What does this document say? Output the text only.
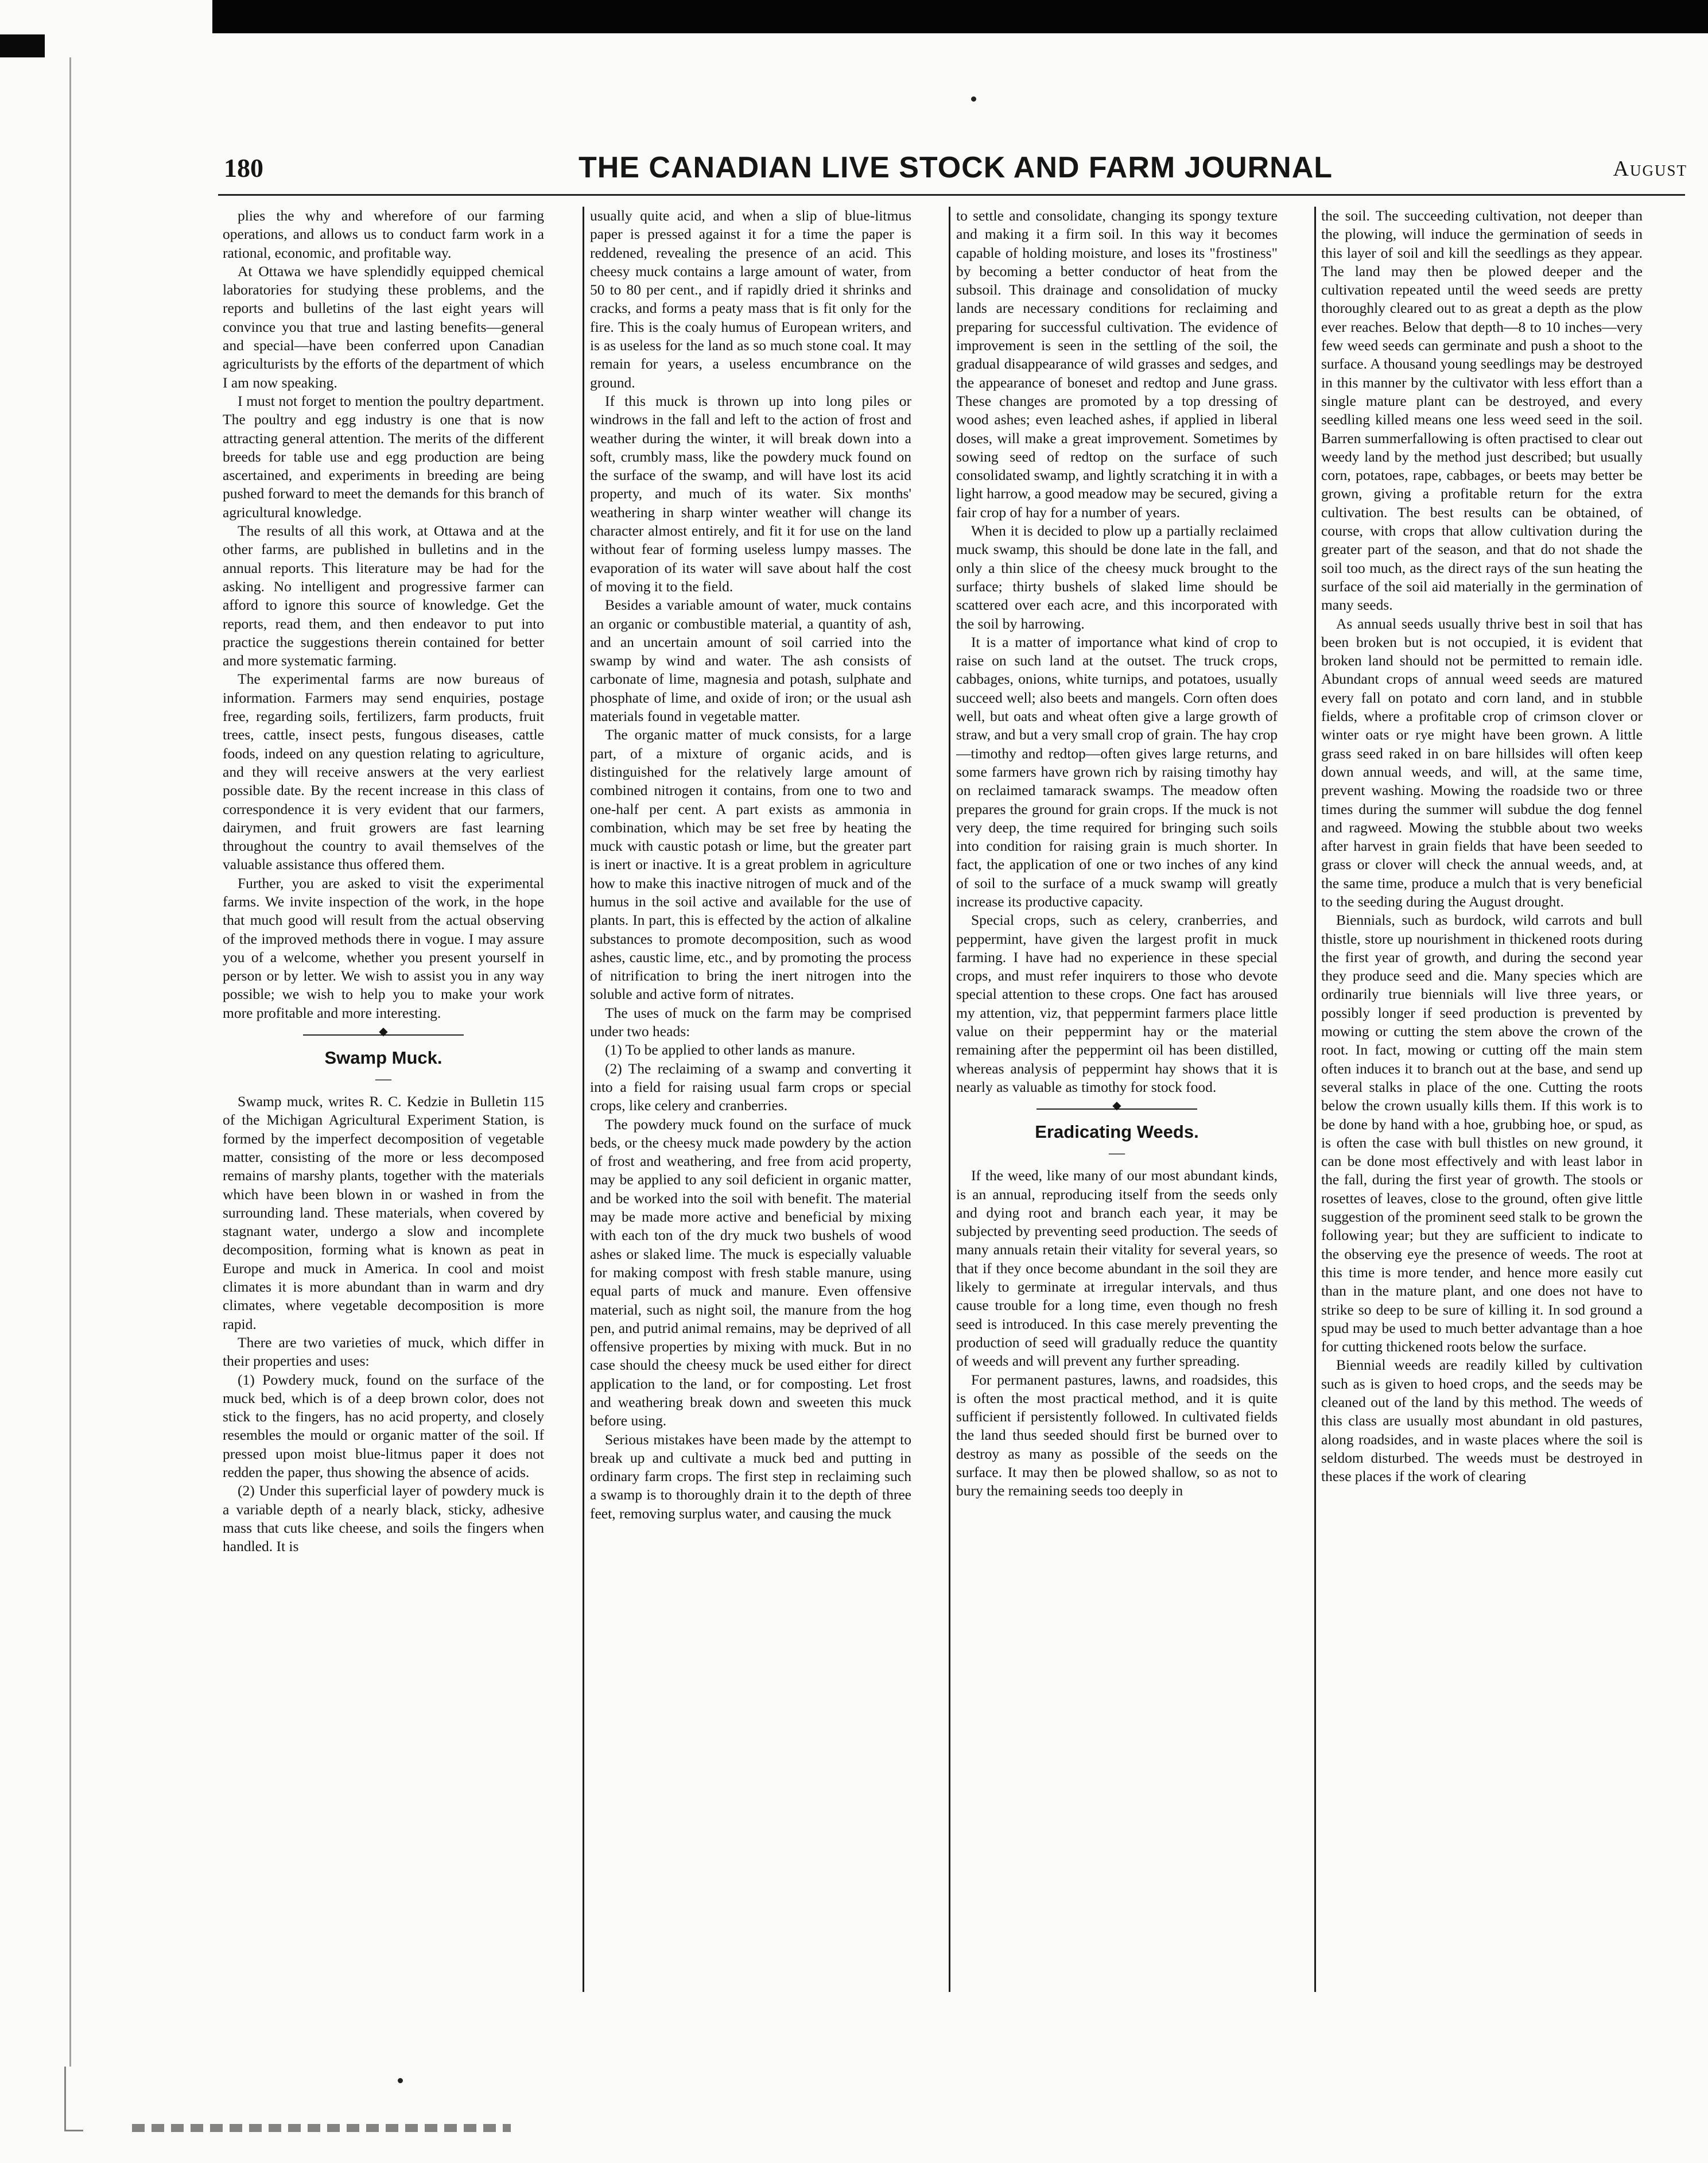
180	THE CANADIAN LIVE STOCK AND FARM JOURNAL	August

plies the why and wherefore of our farming operations, and allows us to conduct farm work in a rational, economic, and profitable way.

At Ottawa we have splendidly equipped chemical laboratories for studying these problems, and the reports and bulletins of the last eight years will convince you that true and lasting benefits—general and special—have been conferred upon Canadian agriculturists by the efforts of the department of which I am now speaking.

I must not forget to mention the poultry department. The poultry and egg industry is one that is now attracting general attention. The merits of the different breeds for table use and egg production are being ascertained, and experiments in breeding are being pushed forward to meet the demands for this branch of agricultural knowledge.

The results of all this work, at Ottawa and at the other farms, are published in bulletins and in the annual reports. This literature may be had for the asking. No intelligent and progressive farmer can afford to ignore this source of knowledge. Get the reports, read them, and then endeavor to put into practice the suggestions therein contained for better and more systematic farming.

The experimental farms are now bureaus of information. Farmers may send enquiries, postage free, regarding soils, fertilizers, farm products, fruit trees, cattle, insect pests, fungous diseases, cattle foods, indeed on any question relating to agriculture, and they will receive answers at the very earliest possible date. By the recent increase in this class of correspondence it is very evident that our farmers, dairymen, and fruit growers are fast learning throughout the country to avail themselves of the valuable assistance thus offered them.

Further, you are asked to visit the experimental farms. We invite inspection of the work, in the hope that much good will result from the actual observing of the improved methods there in vogue. I may assure you of a welcome, whether you present yourself in person or by letter. We wish to assist you in any way possible; we wish to help you to make your work more profitable and more interesting.

◆
Swamp Muck.
—

Swamp muck, writes R. C. Kedzie in Bulletin 115 of the Michigan Agricultural Experiment Station, is formed by the imperfect decomposition of vegetable matter, consisting of the more or less decomposed remains of marshy plants, together with the materials which have been blown in or washed in from the surrounding land. These materials, when covered by stagnant water, undergo a slow and incomplete decomposition, forming what is known as peat in Europe and muck in America. In cool and moist climates it is more abundant than in warm and dry climates, where vegetable decomposition is more rapid.

There are two varieties of muck, which differ in their properties and uses:

(1) Powdery muck, found on the surface of the muck bed, which is of a deep brown color, does not stick to the fingers, has no acid property, and closely resembles the mould or organic matter of the soil. If pressed upon moist blue-litmus paper it does not redden the paper, thus showing the absence of acids.

(2) Under this superficial layer of powdery muck is a variable depth of a nearly black, sticky, adhesive mass that cuts like cheese, and soils the fingers when handled. It is

usually quite acid, and when a slip of blue-litmus paper is pressed against it for a time the paper is reddened, revealing the presence of an acid. This cheesy muck contains a large amount of water, from 50 to 80 per cent., and if rapidly dried it shrinks and cracks, and forms a peaty mass that is fit only for the fire. This is the coaly humus of European writers, and is as useless for the land as so much stone coal. It may remain for years, a useless encumbrance on the ground.

If this muck is thrown up into long piles or windrows in the fall and left to the action of frost and weather during the winter, it will break down into a soft, crumbly mass, like the powdery muck found on the surface of the swamp, and will have lost its acid property, and much of its water. Six months' weathering in sharp winter weather will change its character almost entirely, and fit it for use on the land without fear of forming useless lumpy masses. The evaporation of its water will save about half the cost of moving it to the field.

Besides a variable amount of water, muck contains an organic or combustible material, a quantity of ash, and an uncertain amount of soil carried into the swamp by wind and water. The ash consists of carbonate of lime, magnesia and potash, sulphate and phosphate of lime, and oxide of iron; or the usual ash materials found in vegetable matter.

The organic matter of muck consists, for a large part, of a mixture of organic acids, and is distinguished for the relatively large amount of combined nitrogen it contains, from one to two and one-half per cent. A part exists as ammonia in combination, which may be set free by heating the muck with caustic potash or lime, but the greater part is inert or inactive. It is a great problem in agriculture how to make this inactive nitrogen of muck and of the humus in the soil active and available for the use of plants. In part, this is effected by the action of alkaline substances to promote decomposition, such as wood ashes, caustic lime, etc., and by promoting the process of nitrification to bring the inert nitrogen into the soluble and active form of nitrates.

The uses of muck on the farm may be comprised under two heads:

(1) To be applied to other lands as manure.

(2) The reclaiming of a swamp and converting it into a field for raising usual farm crops or special crops, like celery and cranberries.

The powdery muck found on the surface of muck beds, or the cheesy muck made powdery by the action of frost and weathering, and free from acid property, may be applied to any soil deficient in organic matter, and be worked into the soil with benefit. The material may be made more active and beneficial by mixing with each ton of the dry muck two bushels of wood ashes or slaked lime. The muck is especially valuable for making compost with fresh stable manure, using equal parts of muck and manure. Even offensive material, such as night soil, the manure from the hog pen, and putrid animal remains, may be deprived of all offensive properties by mixing with muck. But in no case should the cheesy muck be used either for direct application to the land, or for composting. Let frost and weathering break down and sweeten this muck before using.

Serious mistakes have been made by the attempt to break up and cultivate a muck bed and putting in ordinary farm crops. The first step in reclaiming such a swamp is to thoroughly drain it to the depth of three feet, removing surplus water, and causing the muck

to settle and consolidate, changing its spongy texture and making it a firm soil. In this way it becomes capable of holding moisture, and loses its "frostiness" by becoming a better conductor of heat from the subsoil. This drainage and consolidation of mucky lands are necessary conditions for reclaiming and preparing for successful cultivation. The evidence of improvement is seen in the settling of the soil, the gradual disappearance of wild grasses and sedges, and the appearance of boneset and redtop and June grass. These changes are promoted by a top dressing of wood ashes; even leached ashes, if applied in liberal doses, will make a great improvement. Sometimes by sowing seed of redtop on the surface of such consolidated swamp, and lightly scratching it in with a light harrow, a good meadow may be secured, giving a fair crop of hay for a number of years.

When it is decided to plow up a partially reclaimed muck swamp, this should be done late in the fall, and only a thin slice of the cheesy muck brought to the surface; thirty bushels of slaked lime should be scattered over each acre, and this incorporated with the soil by harrowing.

It is a matter of importance what kind of crop to raise on such land at the outset. The truck crops, cabbages, onions, white turnips, and potatoes, usually succeed well; also beets and mangels. Corn often does well, but oats and wheat often give a large growth of straw, and but a very small crop of grain. The hay crop—timothy and redtop—often gives large returns, and some farmers have grown rich by raising timothy hay on reclaimed tamarack swamps. The meadow often prepares the ground for grain crops. If the muck is not very deep, the time required for bringing such soils into condition for raising grain is much shorter. In fact, the application of one or two inches of any kind of soil to the surface of a muck swamp will greatly increase its productive capacity.

Special crops, such as celery, cranberries, and peppermint, have given the largest profit in muck farming. I have had no experience in these special crops, and must refer inquirers to those who devote special attention to these crops. One fact has aroused my attention, viz, that peppermint farmers place little value on their peppermint hay or the material remaining after the peppermint oil has been distilled, whereas analysis of peppermint hay shows that it is nearly as valuable as timothy for stock food.

◆
Eradicating Weeds.
—

If the weed, like many of our most abundant kinds, is an annual, reproducing itself from the seeds only and dying root and branch each year, it may be subjected by preventing seed production. The seeds of many annuals retain their vitality for several years, so that if they once become abundant in the soil they are likely to germinate at irregular intervals, and thus cause trouble for a long time, even though no fresh seed is introduced. In this case merely preventing the production of seed will gradually reduce the quantity of weeds and will prevent any further spreading.

For permanent pastures, lawns, and roadsides, this is often the most practical method, and it is quite sufficient if persistently followed. In cultivated fields the land thus seeded should first be burned over to destroy as many as possible of the seeds on the surface. It may then be plowed shallow, so as not to bury the remaining seeds too deeply in

the soil. The succeeding cultivation, not deeper than the plowing, will induce the germination of seeds in this layer of soil and kill the seedlings as they appear. The land may then be plowed deeper and the cultivation repeated until the weed seeds are pretty thoroughly cleared out to as great a depth as the plow ever reaches. Below that depth—8 to 10 inches—very few weed seeds can germinate and push a shoot to the surface. A thousand young seedlings may be destroyed in this manner by the cultivator with less effort than a single mature plant can be destroyed, and every seedling killed means one less weed seed in the soil. Barren summerfallowing is often practised to clear out weedy land by the method just described; but usually corn, potatoes, rape, cabbages, or beets may better be grown, giving a profitable return for the extra cultivation. The best results can be obtained, of course, with crops that allow cultivation during the greater part of the season, and that do not shade the soil too much, as the direct rays of the sun heating the surface of the soil aid materially in the germination of many seeds.

As annual seeds usually thrive best in soil that has been broken but is not occupied, it is evident that broken land should not be permitted to remain idle. Abundant crops of annual weed seeds are matured every fall on potato and corn land, and in stubble fields, where a profitable crop of crimson clover or winter oats or rye might have been grown. A little grass seed raked in on bare hillsides will often keep down annual weeds, and will, at the same time, prevent washing. Mowing the roadside two or three times during the summer will subdue the dog fennel and ragweed. Mowing the stubble about two weeks after harvest in grain fields that have been seeded to grass or clover will check the annual weeds, and, at the same time, produce a mulch that is very beneficial to the seeding during the August drought.

Biennials, such as burdock, wild carrots and bull thistle, store up nourishment in thickened roots during the first year of growth, and during the second year they produce seed and die. Many species which are ordinarily true biennials will live three years, or possibly longer if seed production is prevented by mowing or cutting the stem above the crown of the root. In fact, mowing or cutting off the main stem often induces it to branch out at the base, and send up several stalks in place of the one. Cutting the roots below the crown usually kills them. If this work is to be done by hand with a hoe, grubbing hoe, or spud, as is often the case with bull thistles on new ground, it can be done most effectively and with least labor in the fall, during the first year of growth. The stools or rosettes of leaves, close to the ground, often give little suggestion of the prominent seed stalk to be grown the following year; but they are sufficient to indicate to the observing eye the presence of weeds. The root at this time is more tender, and hence more easily cut than in the mature plant, and one does not have to strike so deep to be sure of killing it. In sod ground a spud may be used to much better advantage than a hoe for cutting thickened roots below the surface.

Biennial weeds are readily killed by cultivation such as is given to hoed crops, and the seeds may be cleaned out of the land by this method. The weeds of this class are usually most abundant in old pastures, along roadsides, and in waste places where the soil is seldom disturbed. The weeds must be destroyed in these places if the work of clearing
